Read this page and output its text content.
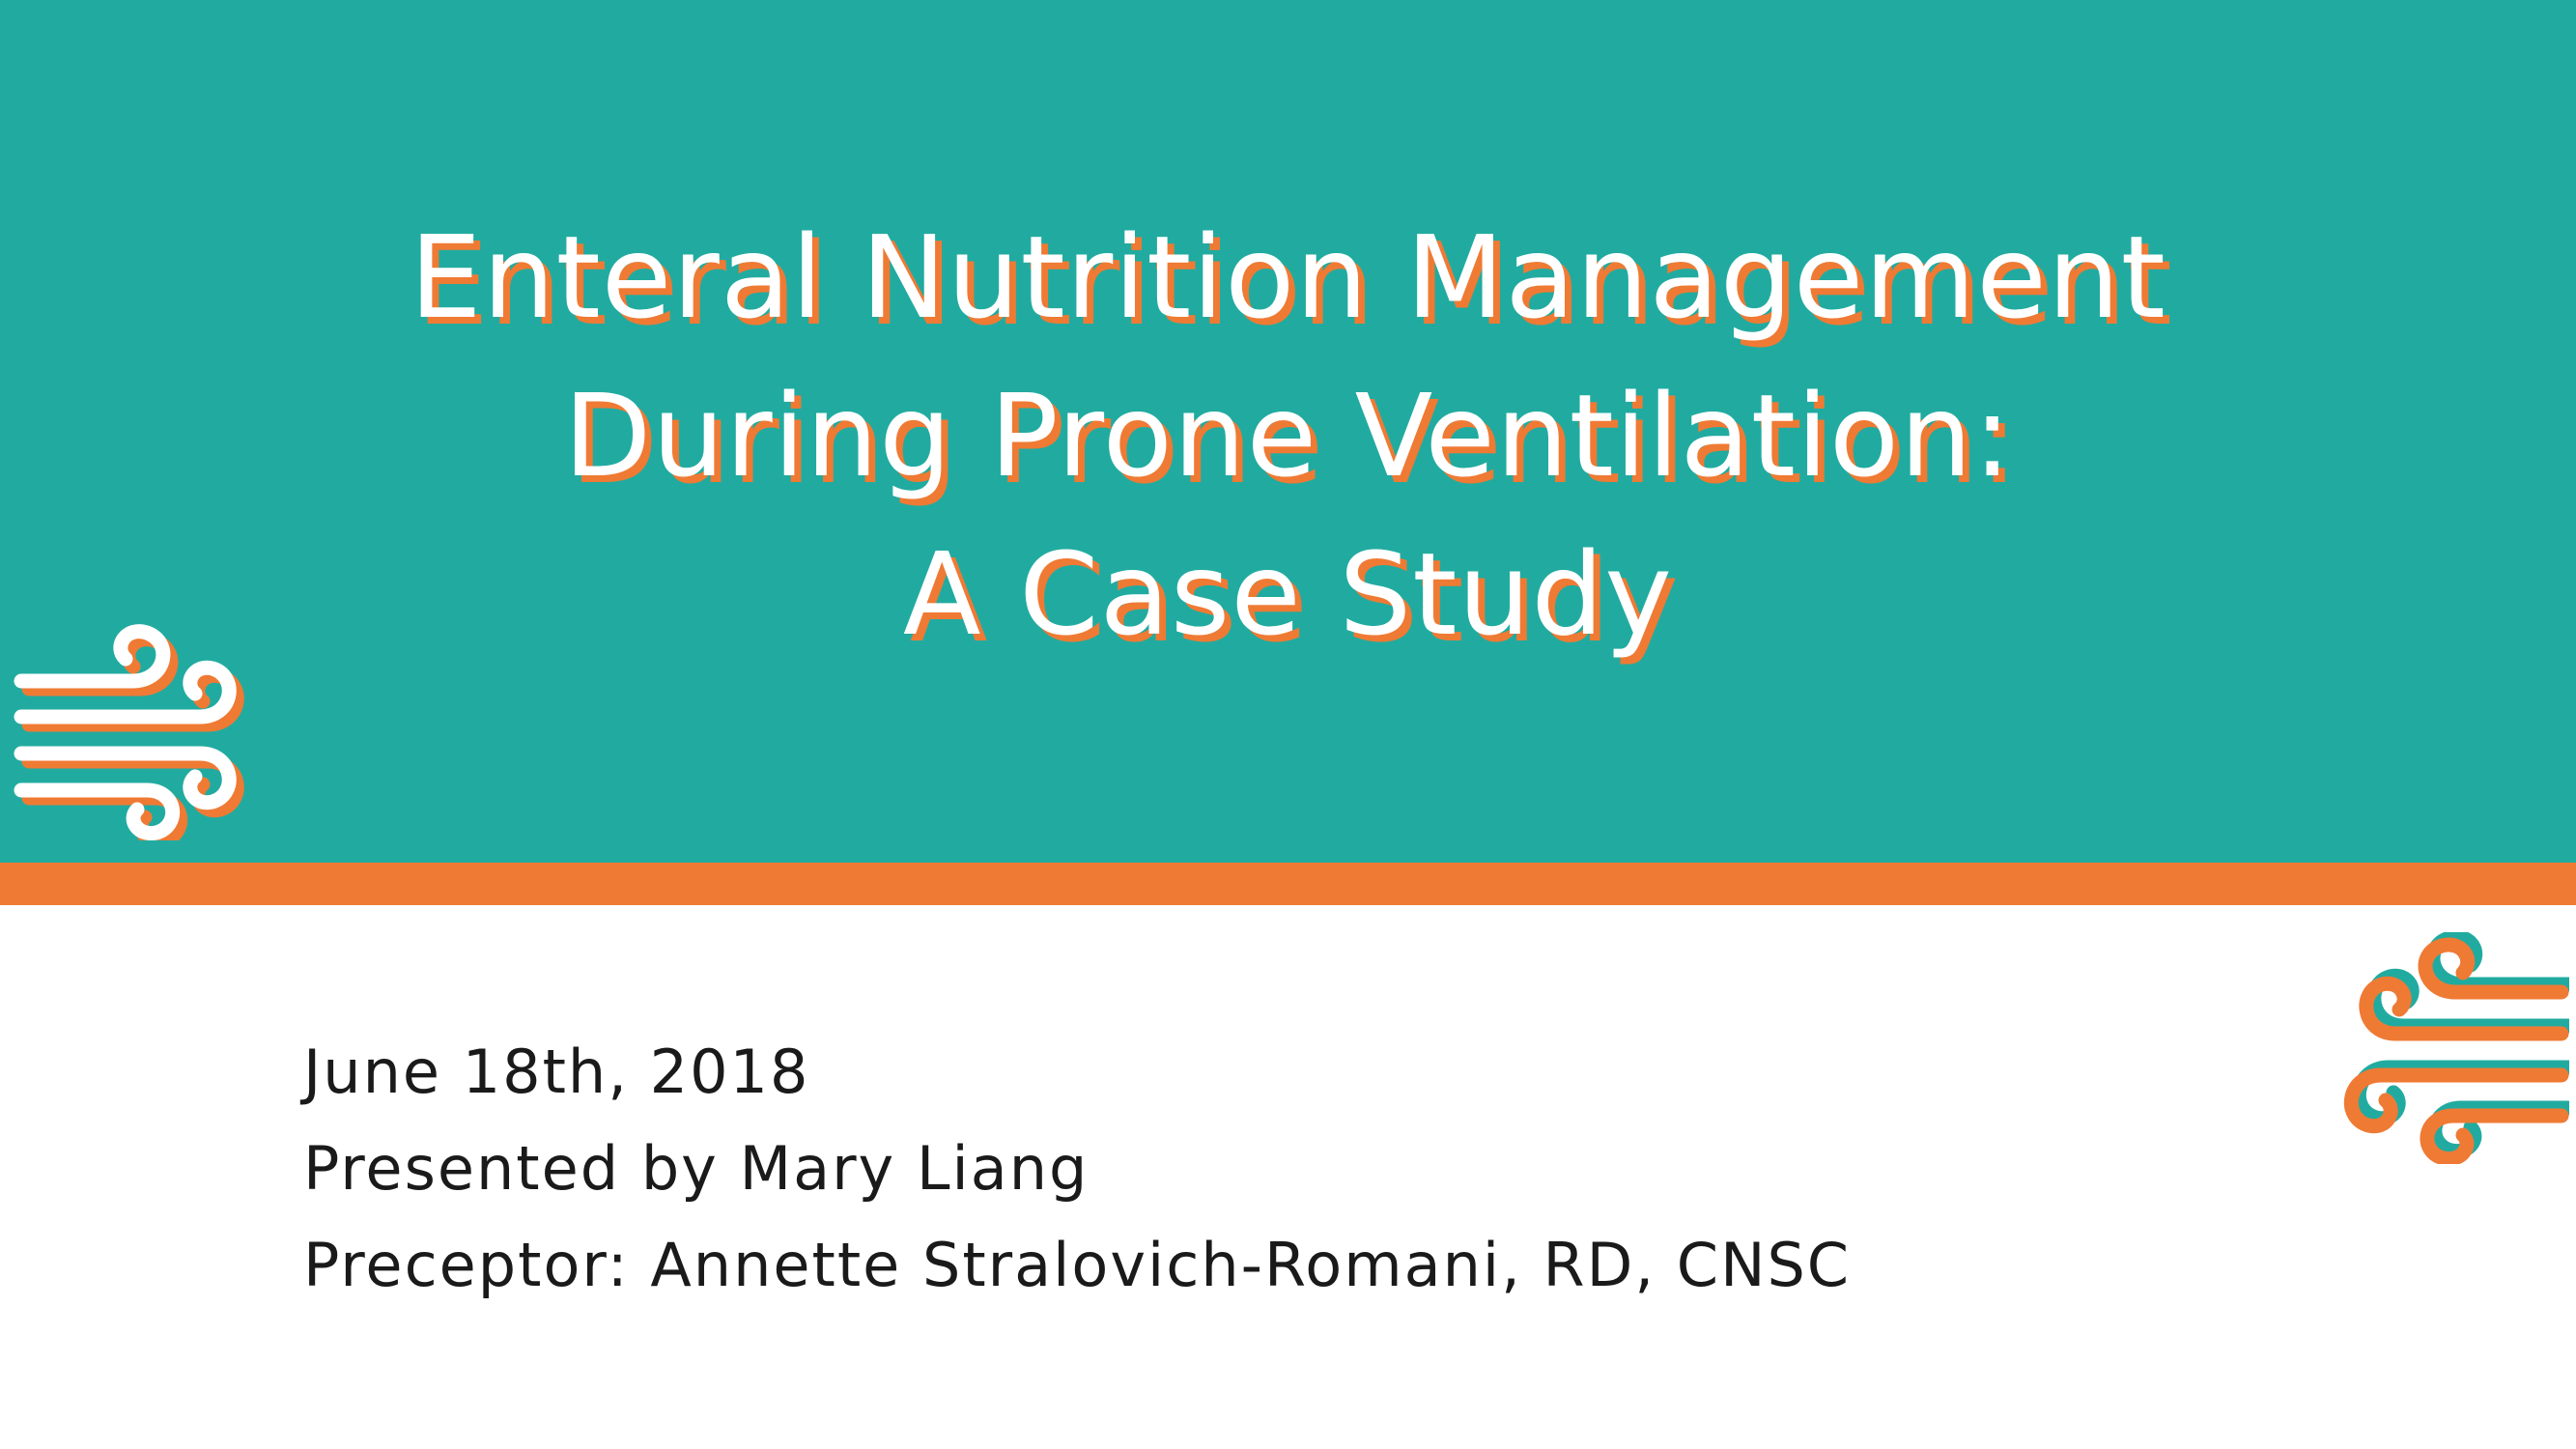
Enteral Nutrition Management
During Prone Ventilation:
A Case Study
June 18th, 2018
Presented by Mary Liang
Preceptor: Annette Stralovich-Romani, RD, CNSC
